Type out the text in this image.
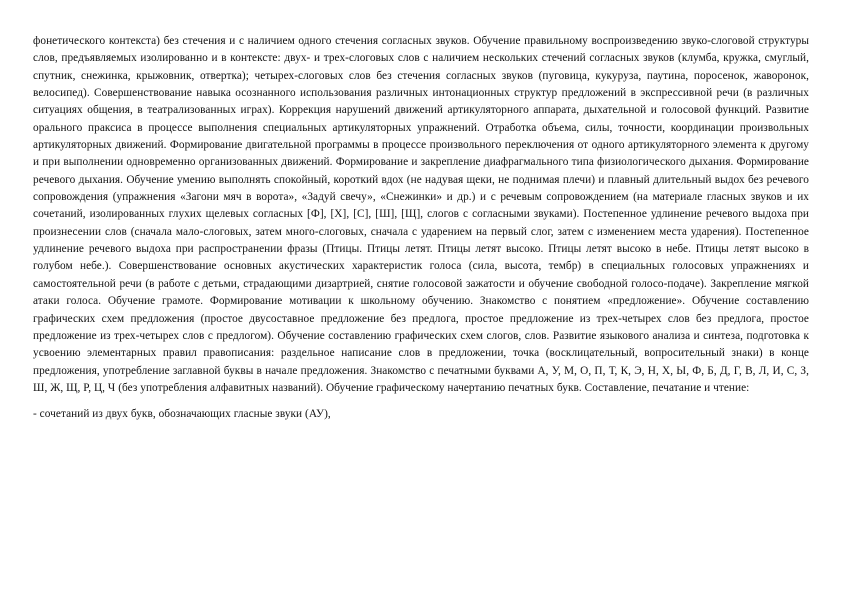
фонетического контекста) без стечения и с наличием одного стечения согласных звуков. Обучение правильному воспроизведению звуко-слоговой структуры слов, предъявляемых изолированно и в контексте: двух- и трех-слоговых слов с наличием нескольких стечений согласных звуков (клумба, кружка, смуглый, спутник, снежинка, крыжовник, отвертка); четырех-слоговых слов без стечения согласных звуков (пуговица, кукуруза, паутина, поросенок, жаворонок, велосипед). Совершенствование навыка осознанного использования различных интонационных структур предложений в экспрессивной речи (в различных ситуациях общения, в театрализованных играх). Коррекция нарушений движений артикуляторного аппарата, дыхательной и голосовой функций. Развитие орального праксиса в процессе выполнения специальных артикуляторных упражнений. Отработка объема, силы, точности, координации произвольных артикуляторных движений. Формирование двигательной программы в процессе произвольного переключения от одного артикуляторного элемента к другому и при выполнении одновременно организованных движений. Формирование и закрепление диафрагмального типа физиологического дыхания. Формирование речевого дыхания. Обучение умению выполнять спокойный, короткий вдох (не надувая щеки, не поднимая плечи) и плавный длительный выдох без речевого сопровождения (упражнения «Загони мяч в ворота», «Задуй свечу», «Снежинки» и др.) и с речевым сопровождением (на материале гласных звуков и их сочетаний, изолированных глухих щелевых согласных [Ф], [Х], [С], [Ш], [Щ], слогов с согласными звуками). Постепенное удлинение речевого выдоха при произнесении слов (сначала мало-слоговых, затем много-слоговых, сначала с ударением на первый слог, затем с изменением места ударения). Постепенное удлинение речевого выдоха при распространении фразы (Птицы. Птицы летят. Птицы летят высоко. Птицы летят высоко в небе. Птицы летят высоко в голубом небе.). Совершенствование основных акустических характеристик голоса (сила, высота, тембр) в специальных голосовых упражнениях и самостоятельной речи (в работе с детьми, страдающими дизартрией, снятие голосовой зажатости и обучение свободной голосо-подаче). Закрепление мягкой атаки голоса. Обучение грамоте. Формирование мотивации к школьному обучению. Знакомство с понятием «предложение». Обучение составлению графических схем предложения (простое двусоставное предложение без предлога, простое предложение из трех-четырех слов без предлога, простое предложение из трех-четырех слов с предлогом). Обучение составлению графических схем слогов, слов. Развитие языкового анализа и синтеза, подготовка к усвоению элементарных правил правописания: раздельное написание слов в предложении, точка (восклицательный, вопросительный знаки) в конце предложения, употребление заглавной буквы в начале предложения. Знакомство с печатными буквами А, У, М, О, П, Т, К, Э, Н, Х, Ы, Ф, Б, Д, Г, В, Л, И, С, З, Ш, Ж, Щ, Р, Ц, Ч (без употребления алфавитных названий). Обучение графическому начертанию печатных букв. Составление, печатание и чтение:

- сочетаний из двух букв, обозначающих гласные звуки (АУ),
